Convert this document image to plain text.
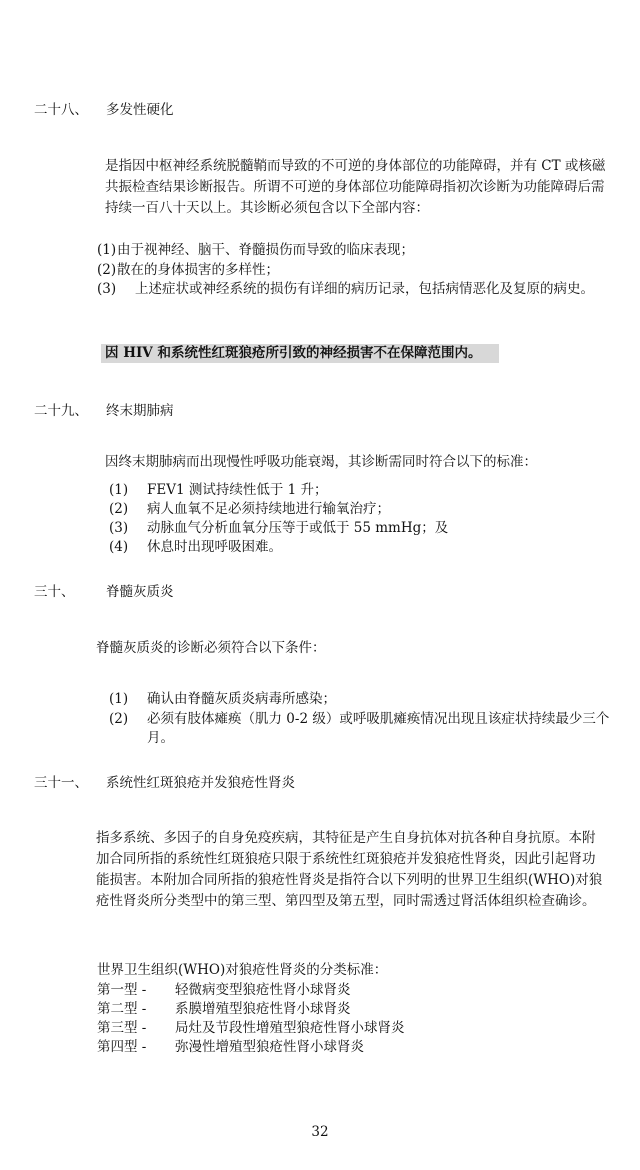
二十八、 多发性硬化
是指因中枢神经系统脱髓鞘而导致的不可逆的身体部位的功能障碍，并有 CT 或核磁共振检查结果诊断报告。所谓不可逆的身体部位功能障碍指初次诊断为功能障碍后需持续一百八十天以上。其诊断必须包含以下全部内容：
(1) 由于视神经、脑干、脊髓损伤而导致的临床表现；
(2) 散在的身体损害的多样性；
(3) 上述症状或神经系统的损伤有详细的病历记录，包括病情恶化及复原的病史。
因 HIV 和系统性红斑狼疮所引致的神经损害不在保障范围内。
二十九、 终末期肺病
因终末期肺病而出现慢性呼吸功能衰竭，其诊断需同时符合以下的标准：
(1) FEV1 测试持续性低于 1 升；
(2) 病人血氧不足必须持续地进行输氧治疗；
(3) 动脉血气分析血氧分压等于或低于 55 mmHg；及
(4) 休息时出现呼吸困难。
三十、 脊髓灰质炎
脊髓灰质炎的诊断必须符合以下条件：
(1) 确认由脊髓灰质炎病毒所感染；
(2) 必须有肢体瘫痪（肌力 0-2 级）或呼吸肌瘫痪情况出现且该症状持续最少三个月。
三十一、 系统性红斑狼疮并发狼疮性肾炎
指多系统、多因子的自身免疫疾病，其特征是产生自身抗体对抗各种自身抗原。本附加合同所指的系统性红斑狼疮只限于系统性红斑狼疮并发狼疮性肾炎，因此引起肾功能损害。本附加合同所指的狼疮性肾炎是指符合以下列明的世界卫生组织(WHO)对狼疮性肾炎所分类型中的第三型、第四型及第五型，同时需透过肾活体组织检查确诊。
世界卫生组织(WHO)对狼疮性肾炎的分类标准：
第一型 - 轻微病变型狼疮性肾小球肾炎
第二型 - 系膜增殖型狼疮性肾小球肾炎
第三型 - 局灶及节段性增殖型狼疮性肾小球肾炎
第四型 - 弥漫性增殖型狼疮性肾小球肾炎
32
